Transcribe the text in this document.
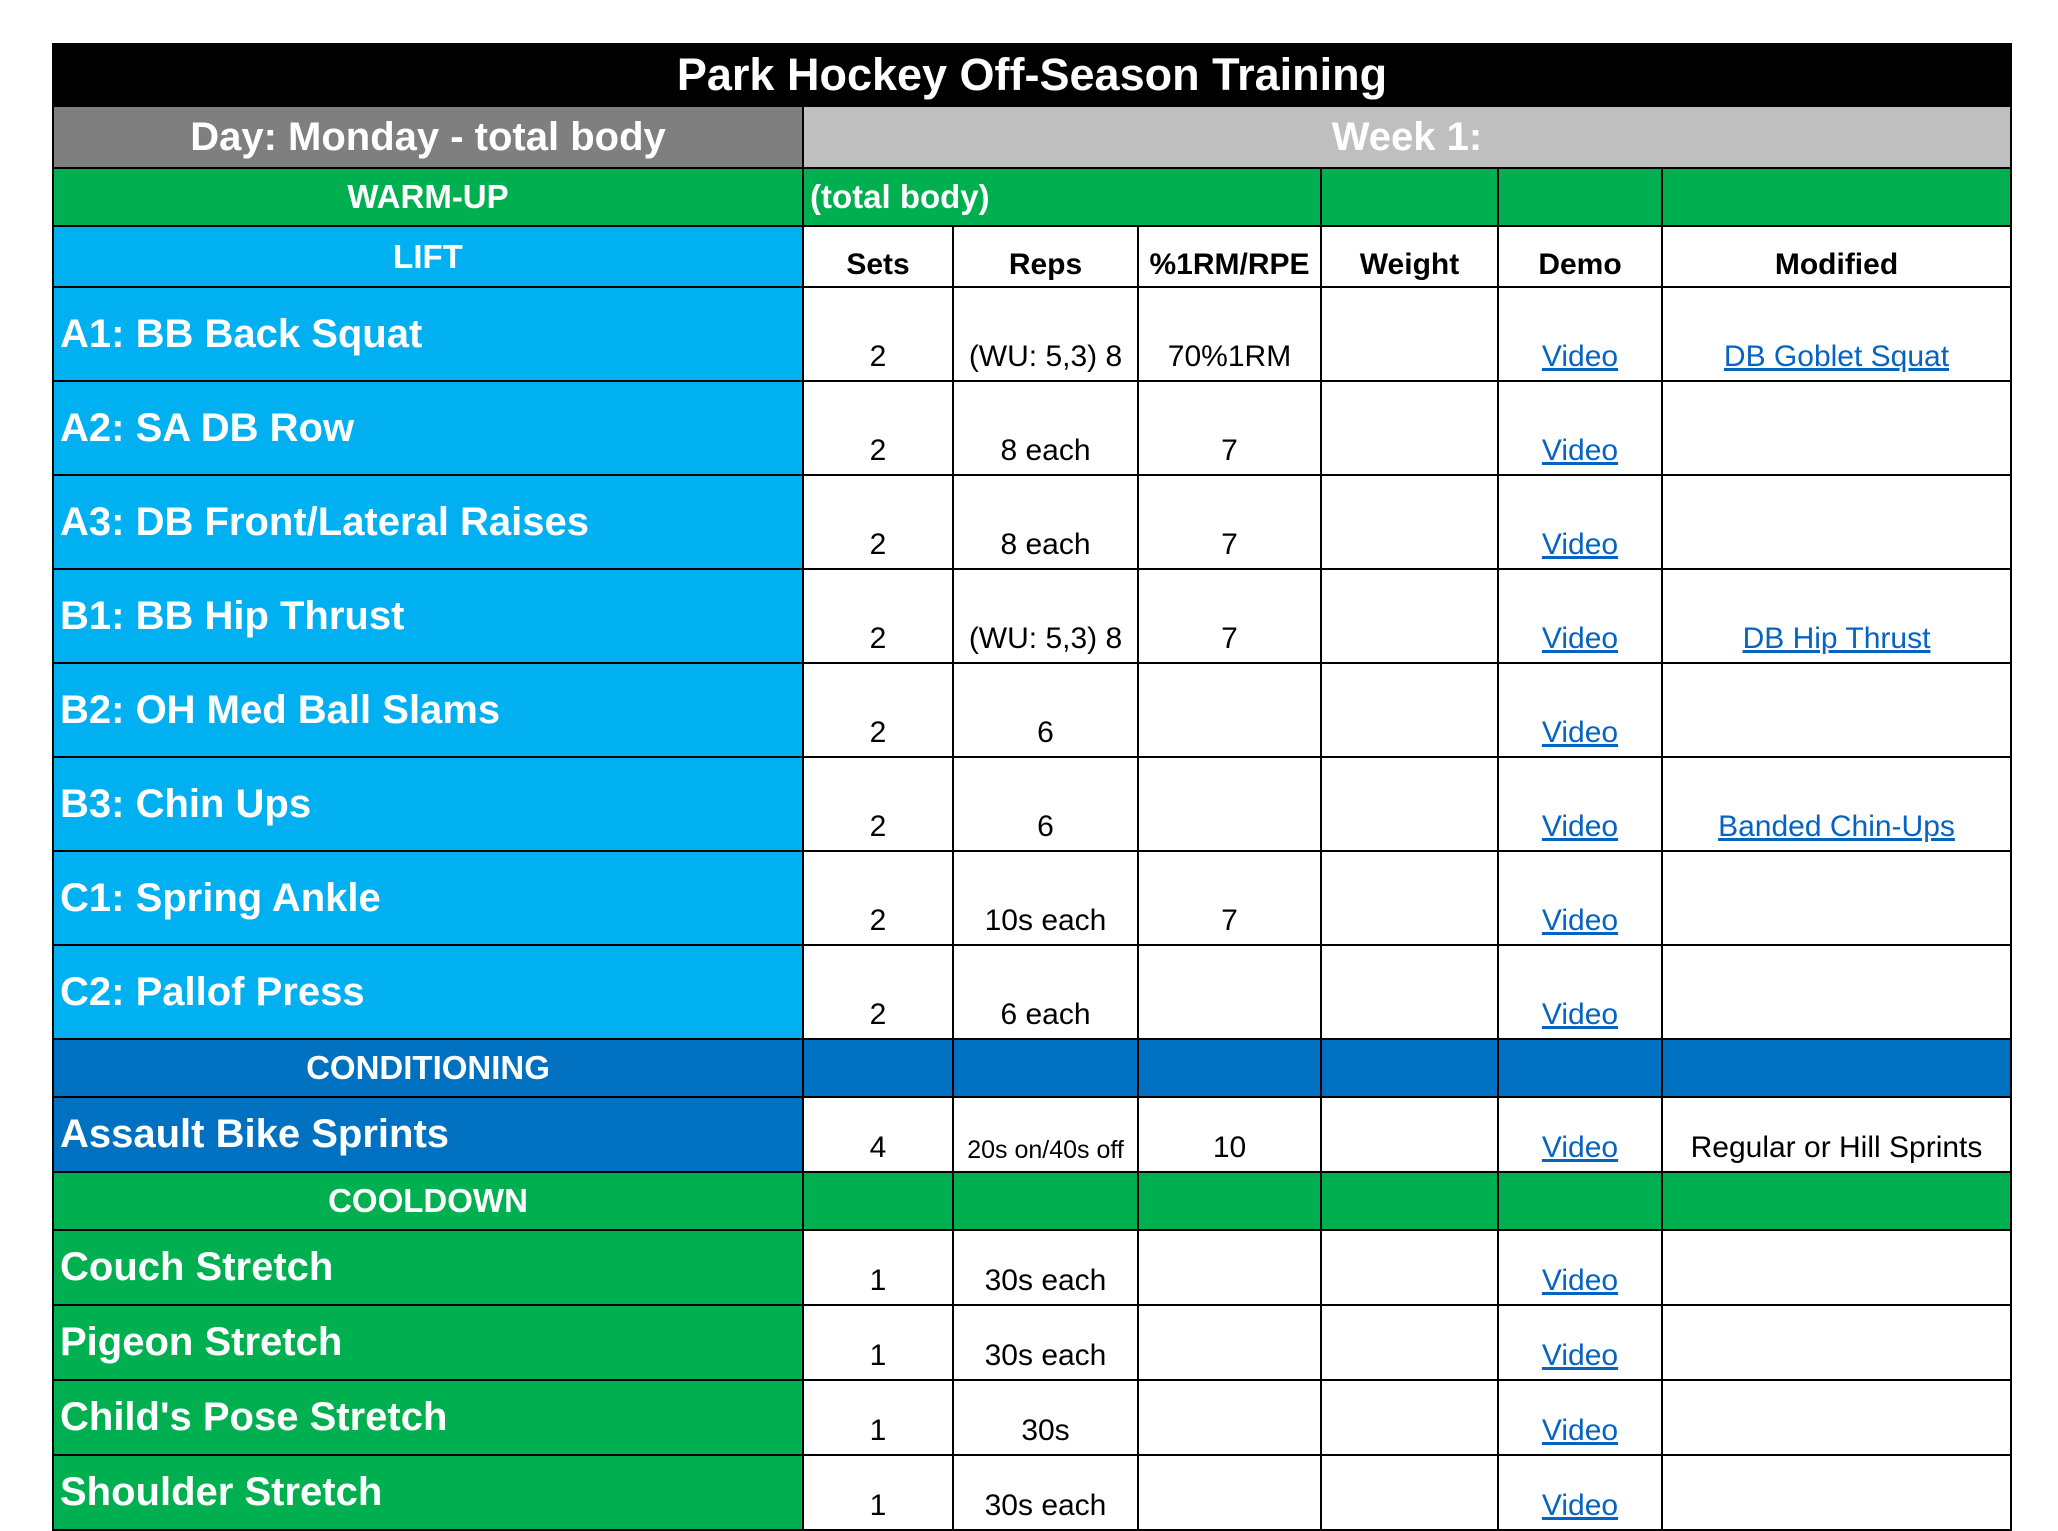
Park Hockey Off-Season Training						
Day: Monday - total body	Week 1:					
WARM-UP	(total body)					
LIFT	Sets	Reps	%1RM/RPE	Weight	Demo	Modified
A1: BB Back Squat	2	(WU: 5,3) 8	70%1RM		Video	DB Goblet Squat
A2: SA DB Row	2	8 each	7		Video	
A3: DB Front/Lateral Raises	2	8 each	7		Video	
B1: BB Hip Thrust	2	(WU: 5,3) 8	7		Video	DB Hip Thrust
B2: OH Med Ball Slams	2	6			Video	
B3: Chin Ups	2	6			Video	Banded Chin-Ups
C1: Spring Ankle	2	10s each	7		Video	
C2: Pallof Press	2	6 each			Video	
CONDITIONING						
Assault Bike Sprints	4	20s on/40s off	10		Video	Regular or Hill Sprints
COOLDOWN						
Couch Stretch	1	30s each			Video	
Pigeon Stretch	1	30s each			Video	
Child's Pose Stretch	1	30s			Video	
Shoulder Stretch	1	30s each			Video	
